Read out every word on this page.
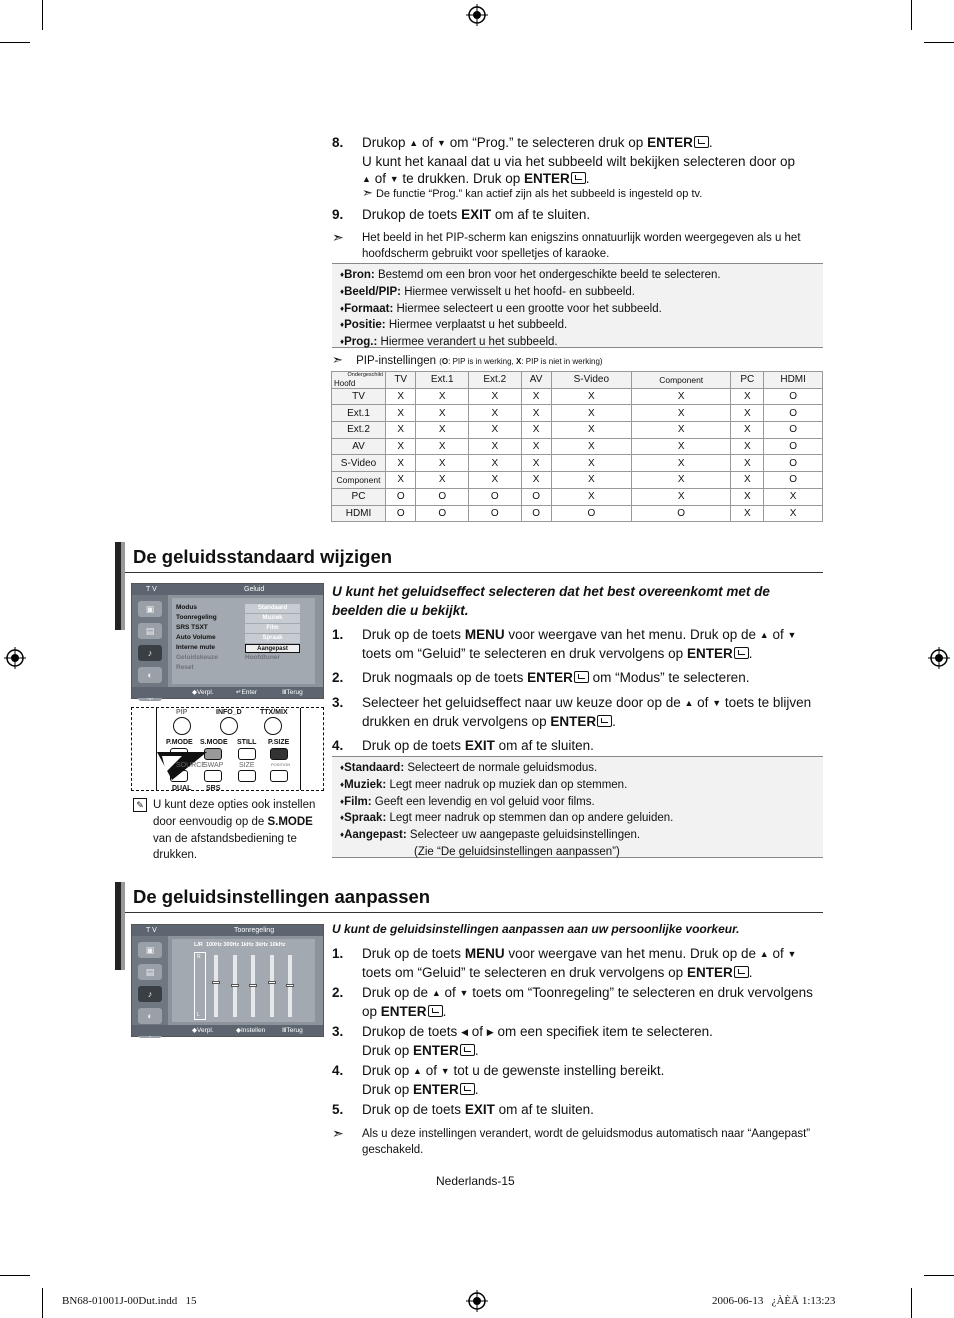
8.	Drukop ▲ of ▼ om “Prog.” te selecteren druk op ENTER .
U kunt het kanaal dat u via het subbeeld wilt bekijken selecteren door op
▲ of ▼ te drukken. Druk op ENTER .
➣ De functie “Prog.” kan actief zijn als het subbeeld is ingesteld op tv.
9.	Drukop de toets EXIT om af te sluiten.
➣ Het beeld in het PIP-scherm kan enigszins onnatuurlijk worden weergegeven als u het hoofdscherm gebruikt voor spelletjes of karaoke.
♦ Bron: Bestemd om een bron voor het ondergeschikte beeld te selecteren.
♦ Beeld/PIP: Hiermee verwisselt u het hoofd- en subbeeld.
♦ Formaat: Hiermee selecteert u een grootte voor het subbeeld.
♦ Positie: Hiermee verplaatst u het subbeeld.
♦ Prog.: Hiermee verandert u het subbeeld.
➣ PIP-instellingen (O: PIP is in werking, X: PIP is niet in werking)
Ondergeschikt
Hoofd	TV	Ext.1	Ext.2	AV	S-Video	Component	PC	HDMI
TV	X	X	X	X	X	X	X	O
Ext.1	X	X	X	X	X	X	X	O
Ext.2	X	X	X	X	X	X	X	O
AV	X	X	X	X	X	X	X	O
S-Video	X	X	X	X	X	X	X	O
Component	X	X	X	X	X	X	X	O
PC	O	O	O	O	X	X	X	X
HDMI	O	O	O	O	O	O	X	X
De geluidsstandaard wijzigen
U kunt het geluidseffect selecteren dat het best overeenkomt met de beelden die u bekijkt.
T V	Geluid
▣
▤
♪
◐
Modus
Toonregeling
SRS TSXT
Auto Volume
Interne mute
Geluidskeuze
Reset
Standaard
Muziek
Film
Spraak
Aangepast
Hoofdtuner
◆Verpl.	↵Enter	ⅢTerug
PIP	INFO_D	TTX/MIX
P.MODE S.MODE STILL P.SIZE
SOURCE
SWAP SIZE	POSITION
DUAL SRS
✎ U kunt deze opties ook instellen door eenvoudig op de S.MODE van de afstandsbediening te drukken.
1.	Druk op de toets MENU voor weergave van het menu. Druk op de ▲ of ▼ toets om “Geluid” te selecteren en druk vervolgens op ENTER .
2.	Druk nogmaals op de toets ENTER om “Modus” te selecteren.
3.	Selecteer het geluidseffect naar uw keuze door op de ▲ of ▼ toets te blijven drukken en druk vervolgens op ENTER .
4.	Druk op de toets EXIT om af te sluiten.
♦ Standaard: Selecteert de normale geluidsmodus.
♦ Muziek: Legt meer nadruk op muziek dan op stemmen.
♦ Film: Geeft een levendig en vol geluid voor films.
♦ Spraak: Legt meer nadruk op stemmen dan op andere geluiden.
♦ Aangepast: Selecteer uw aangepaste geluidsinstellingen.
(Zie “De geluidsinstellingen aanpassen”)
De geluidsinstellingen aanpassen
U kunt de geluidsinstellingen aanpassen aan uw persoonlijke voorkeur.
T V	Toonregeling
▣
▤
♪
◐
L/R 100Hz 300Hz 1kHz 3kHz 10kHz
R
L
◆Verpl.	◆Instellen	ⅢTerug
1.	Druk op de toets MENU voor weergave van het menu. Druk op de ▲ of ▼ toets om “Geluid” te selecteren en druk vervolgens op ENTER .
2.	Druk op de ▲ of ▼ toets om “Toonregeling” te selecteren en druk vervolgens op ENTER .
3.	Drukop de toets ◀ of ▶ om een specifiek item te selecteren.
Druk op ENTER .
4.	Druk op ▲ of ▼ tot u de gewenste instelling bereikt.
Druk op ENTER .
5.	Druk op de toets EXIT om af te sluiten.
➣ Als u deze instellingen verandert, wordt de geluidsmodus automatisch naar “Aangepast” geschakeld.
Nederlands-15
BN68-01001J-00Dut.indd   15	2006-06-13   ¿ÀÈÄ 1:13:23
